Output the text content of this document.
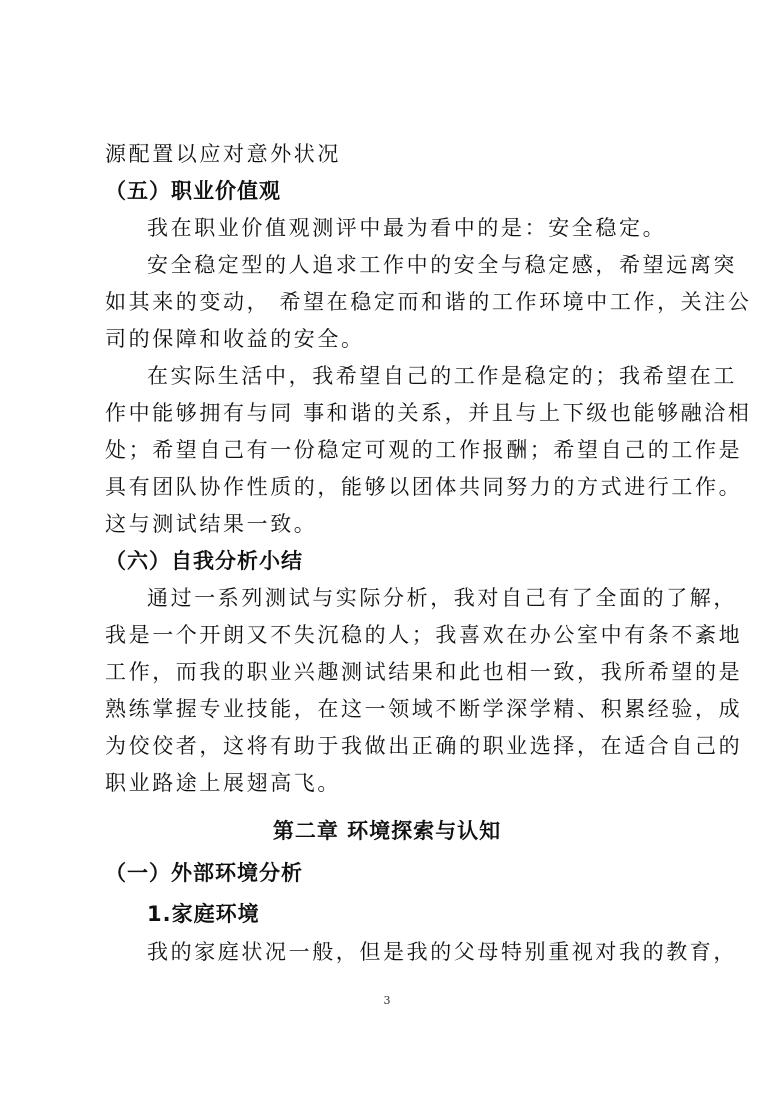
源配置以应对意外状况
（五）职业价值观
我在职业价值观测评中最为看中的是：安全稳定。
安全稳定型的人追求工作中的安全与稳定感，希望远离突
如其来的变动， 希望在稳定而和谐的工作环境中工作，关注公
司的保障和收益的安全。
在实际生活中，我希望自己的工作是稳定的；我希望在工
作中能够拥有与同 事和谐的关系，并且与上下级也能够融洽相
处；希望自己有一份稳定可观的工作报酬；希望自己的工作是
具有团队协作性质的，能够以团体共同努力的方式进行工作。
这与测试结果一致。
（六）自我分析小结
通过一系列测试与实际分析，我对自己有了全面的了解，
我是一个开朗又不失沉稳的人；我喜欢在办公室中有条不紊地
工作，而我的职业兴趣测试结果和此也相一致，我所希望的是
熟练掌握专业技能，在这一领域不断学深学精、积累经验，成
为佼佼者，这将有助于我做出正确的职业选择，在适合自己的
职业路途上展翅高飞。
第二章 环境探索与认知
（一）外部环境分析
1.家庭环境
我的家庭状况一般，但是我的父母特别重视对我的教育，
3
